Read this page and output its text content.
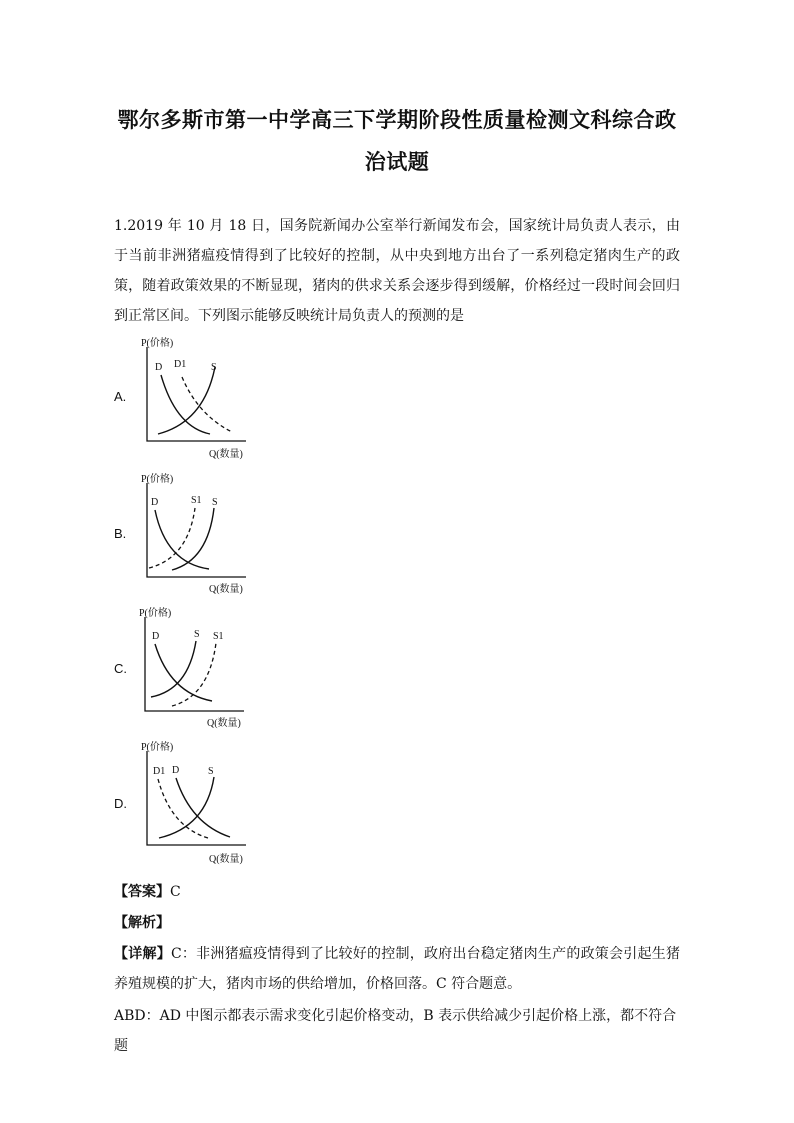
鄂尔多斯市第一中学高三下学期阶段性质量检测文科综合政
治试题

1.2019 年 10 月 18 日，国务院新闻办公室举行新闻发布会，国家统计局负责人表示，由于当前非洲猪瘟疫情得到了比较好的控制，从中央到地方出台了一系列稳定猪肉生产的政策，随着政策效果的不断显现，猪肉的供求关系会逐步得到缓解，价格经过一段时间会回归到正常区间。下列图示能够反映统计局负责人的预测的是

A.
P(价格)
D D1 S
Q(数量)
B.
P(价格)
D	S1 S
Q(数量)
C.
P(价格)
D	S S1
Q(数量)
D.
P(价格)
D1 D	S
Q(数量)
【答案】C
【解析】
【详解】C：非洲猪瘟疫情得到了比较好的控制，政府出台稳定猪肉生产的政策会引起生猪养殖规模的扩大，猪肉市场的供给增加，价格回落。C 符合题意。
ABD：AD 中图示都表示需求变化引起价格变动，B 表示供给减少引起价格上涨，都不符合题
